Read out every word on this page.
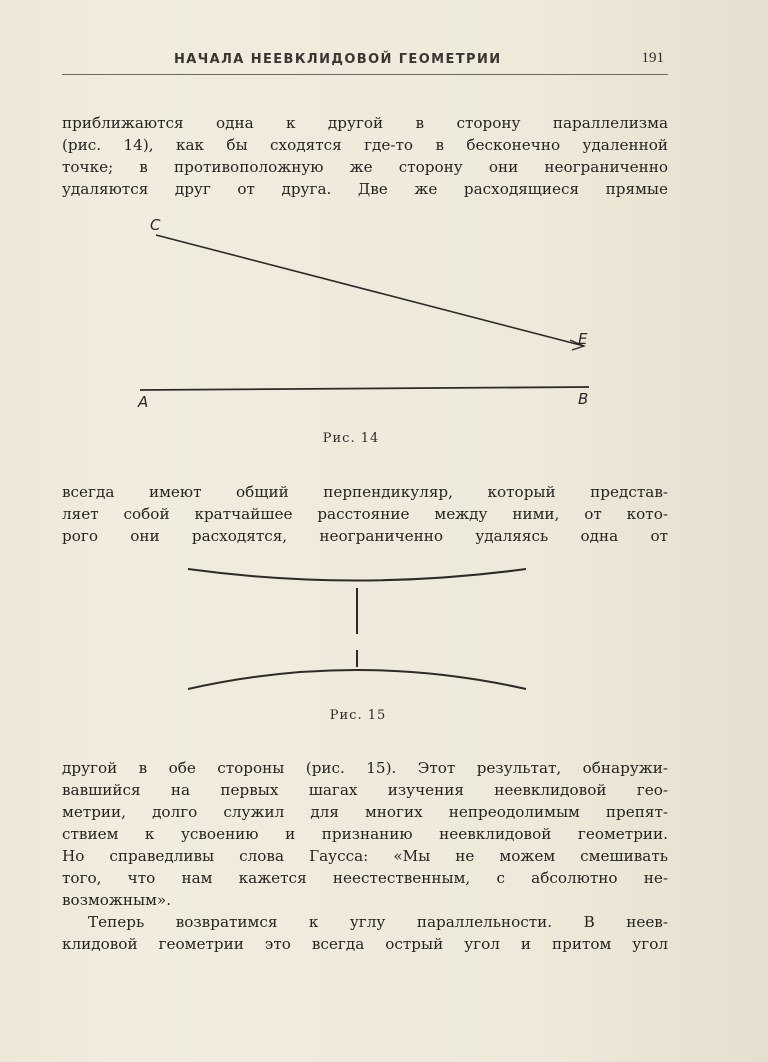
НАЧАЛА НЕЕВКЛИДОВОЙ ГЕОМЕТРИИ	191
приближаются одна к другой в сторону параллелизма
(рис. 14), как бы сходятся где-то в бесконечно удаленной
точке; в противоположную же сторону они неограниченно
удаляются друг от друга. Две же расходящиеся прямые
C
E
A	B
Рис. 14
всегда имеют общий перпендикуляр, который представ-
ляет собой кратчайшее расстояние между ними, от кото-
рого они расходятся, неограниченно удаляясь одна от
Рис. 15
другой в обе стороны (рис. 15). Этот результат, обнаружи-
вавшийся на первых шагах изучения неевклидовой гео-
метрии, долго служил для многих непреодолимым препят-
ствием к усвоению и признанию неевклидовой геометрии.
Но справедливы слова Гаусса: «Мы не можем смешивать
того, что нам кажется неестественным, с абсолютно не-
возможным».
Теперь возвратимся к углу параллельности. В неев-
клидовой геометрии это всегда острый угол и притом угол
